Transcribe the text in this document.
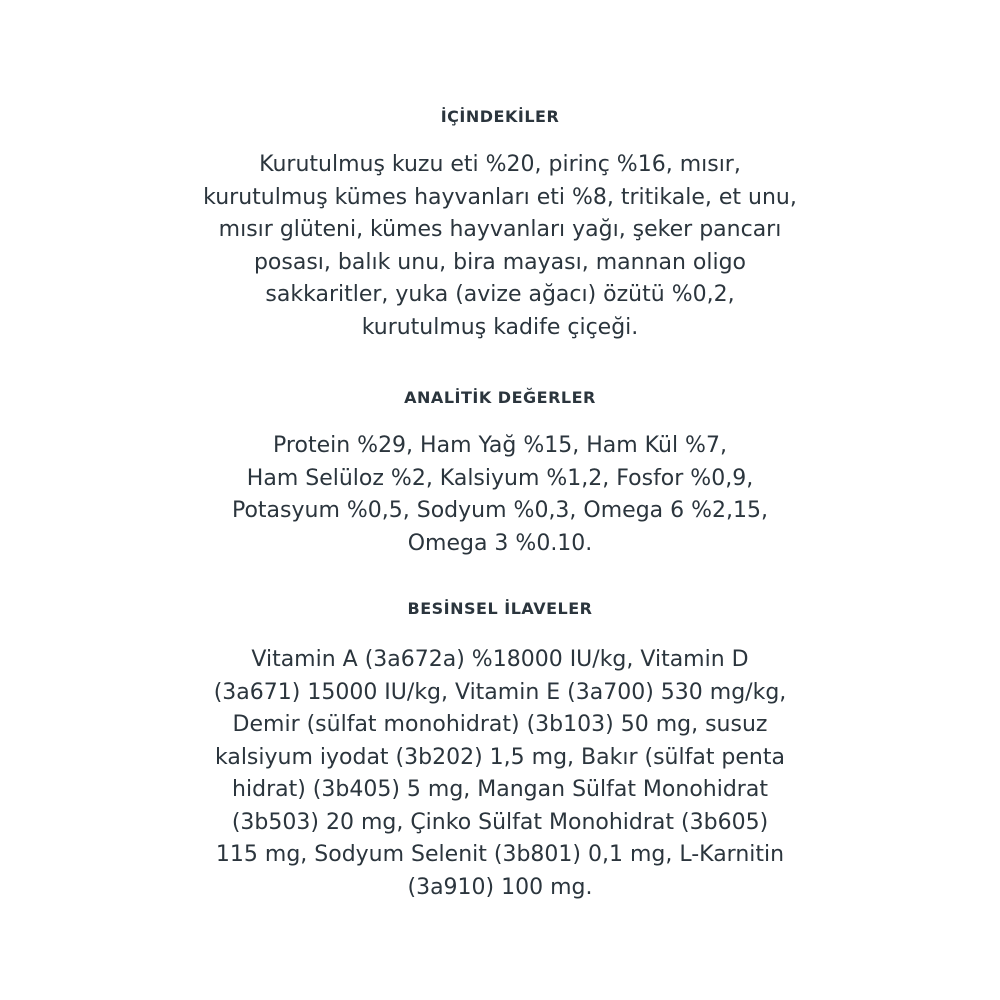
İÇİNDEKİLER

Kurutulmuş kuzu eti %20, pirinç %16, mısır,
kurutulmuş kümes hayvanları eti %8, tritikale, et unu,
mısır glüteni, kümes hayvanları yağı, şeker pancarı
posası, balık unu, bira mayası, mannan oligo
sakkaritler, yuka (avize ağacı) özütü %0,2,
kurutulmuş kadife çiçeği.

ANALİTİK DEĞERLER

Protein %29, Ham Yağ %15, Ham Kül %7,
Ham Selüloz %2, Kalsiyum %1,2, Fosfor %0,9,
Potasyum %0,5, Sodyum %0,3, Omega 6 %2,15,
Omega 3 %0.10.

BESİNSEL İLAVELER

Vitamin A (3a672a) %18000 IU/kg, Vitamin D
(3a671) 15000 IU/kg, Vitamin E (3a700) 530 mg/kg,
Demir (sülfat monohidrat) (3b103) 50 mg, susuz
kalsiyum iyodat (3b202) 1,5 mg, Bakır (sülfat penta
hidrat) (3b405) 5 mg, Mangan Sülfat Monohidrat
(3b503) 20 mg, Çinko Sülfat Monohidrat (3b605)
115 mg, Sodyum Selenit (3b801) 0,1 mg, L-Karnitin
(3a910) 100 mg.
